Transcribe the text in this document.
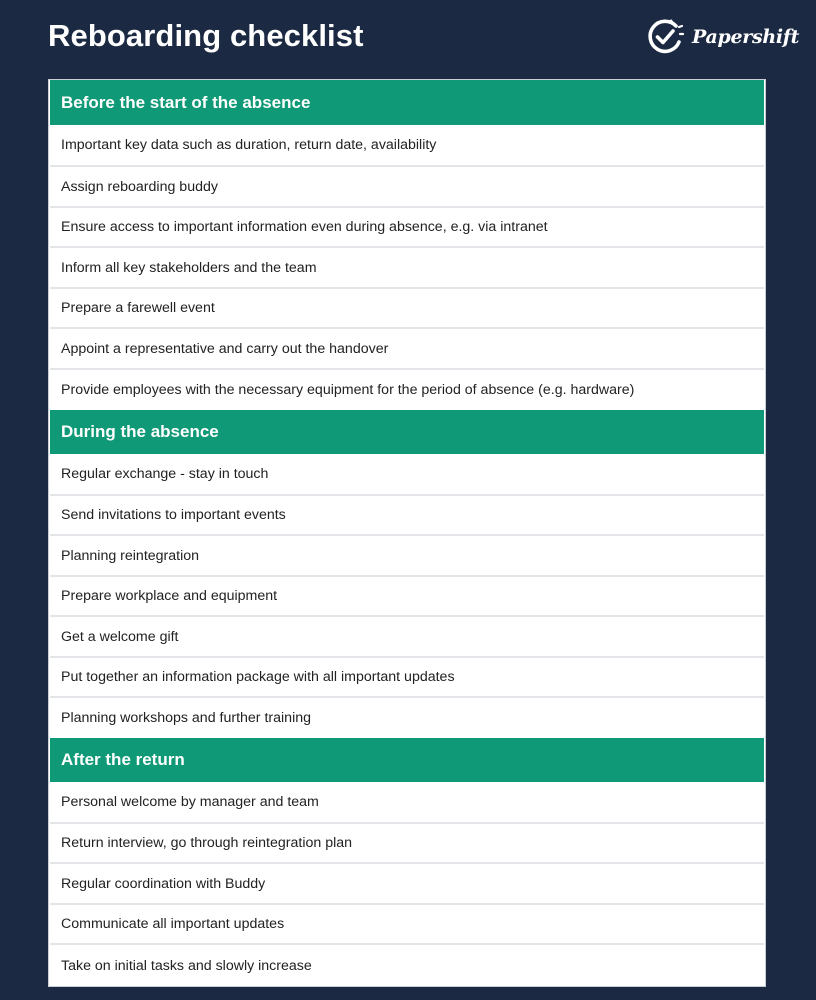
Reboarding checklist	Papershift
Before the start of the absence
Important key data such as duration, return date, availability
Assign reboarding buddy
Ensure access to important information even during absence, e.g. via intranet
Inform all key stakeholders and the team
Prepare a farewell event
Appoint a representative and carry out the handover
Provide employees with the necessary equipment for the period of absence (e.g. hardware)
During the absence
Regular exchange - stay in touch
Send invitations to important events
Planning reintegration
Prepare workplace and equipment
Get a welcome gift
Put together an information package with all important updates
Planning workshops and further training
After the return
Personal welcome by manager and team
Return interview, go through reintegration plan
Regular coordination with Buddy
Communicate all important updates
Take on initial tasks and slowly increase
